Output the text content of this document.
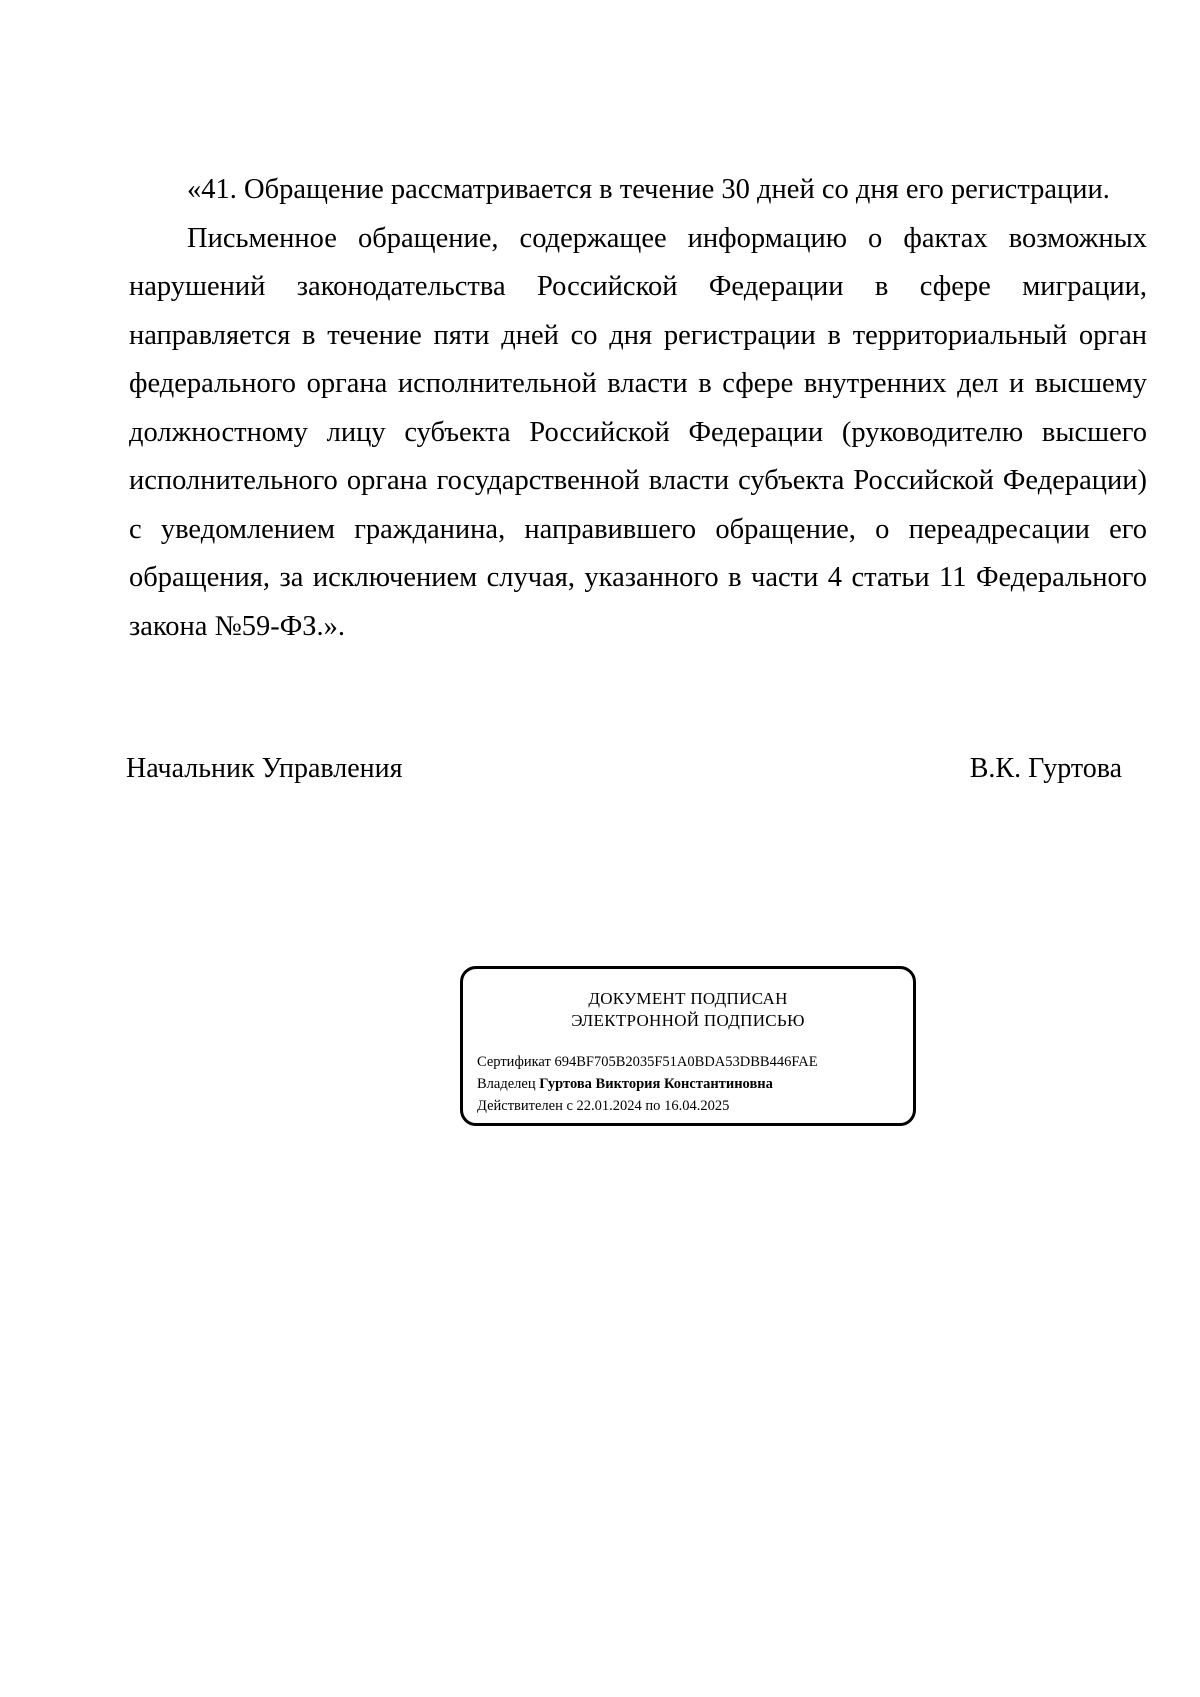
«41. Обращение рассматривается в течение 30 дней со дня его регистрации.

Письменное обращение, содержащее информацию о фактах возможных нарушений законодательства Российской Федерации в сфере миграции, направляется в течение пяти дней со дня регистрации в территориальный орган федерального органа исполнительной власти в сфере внутренних дел и высшему должностному лицу субъекта Российской Федерации (руководителю высшего исполнительного органа государственной власти субъекта Российской Федерации) с уведомлением гражданина, направившего обращение, о переадресации его обращения, за исключением случая, указанного в части 4 статьи 11 Федерального закона №59-ФЗ.».

Начальник Управления	В.К. Гуртова
ДОКУМЕНТ ПОДПИСАН
ЭЛЕКТРОННОЙ ПОДПИСЬЮ
Сертификат 694BF705B2035F51A0BDA53DBB446FAE
Владелец Гуртова Виктория Константиновна
Действителен с 22.01.2024 по 16.04.2025
